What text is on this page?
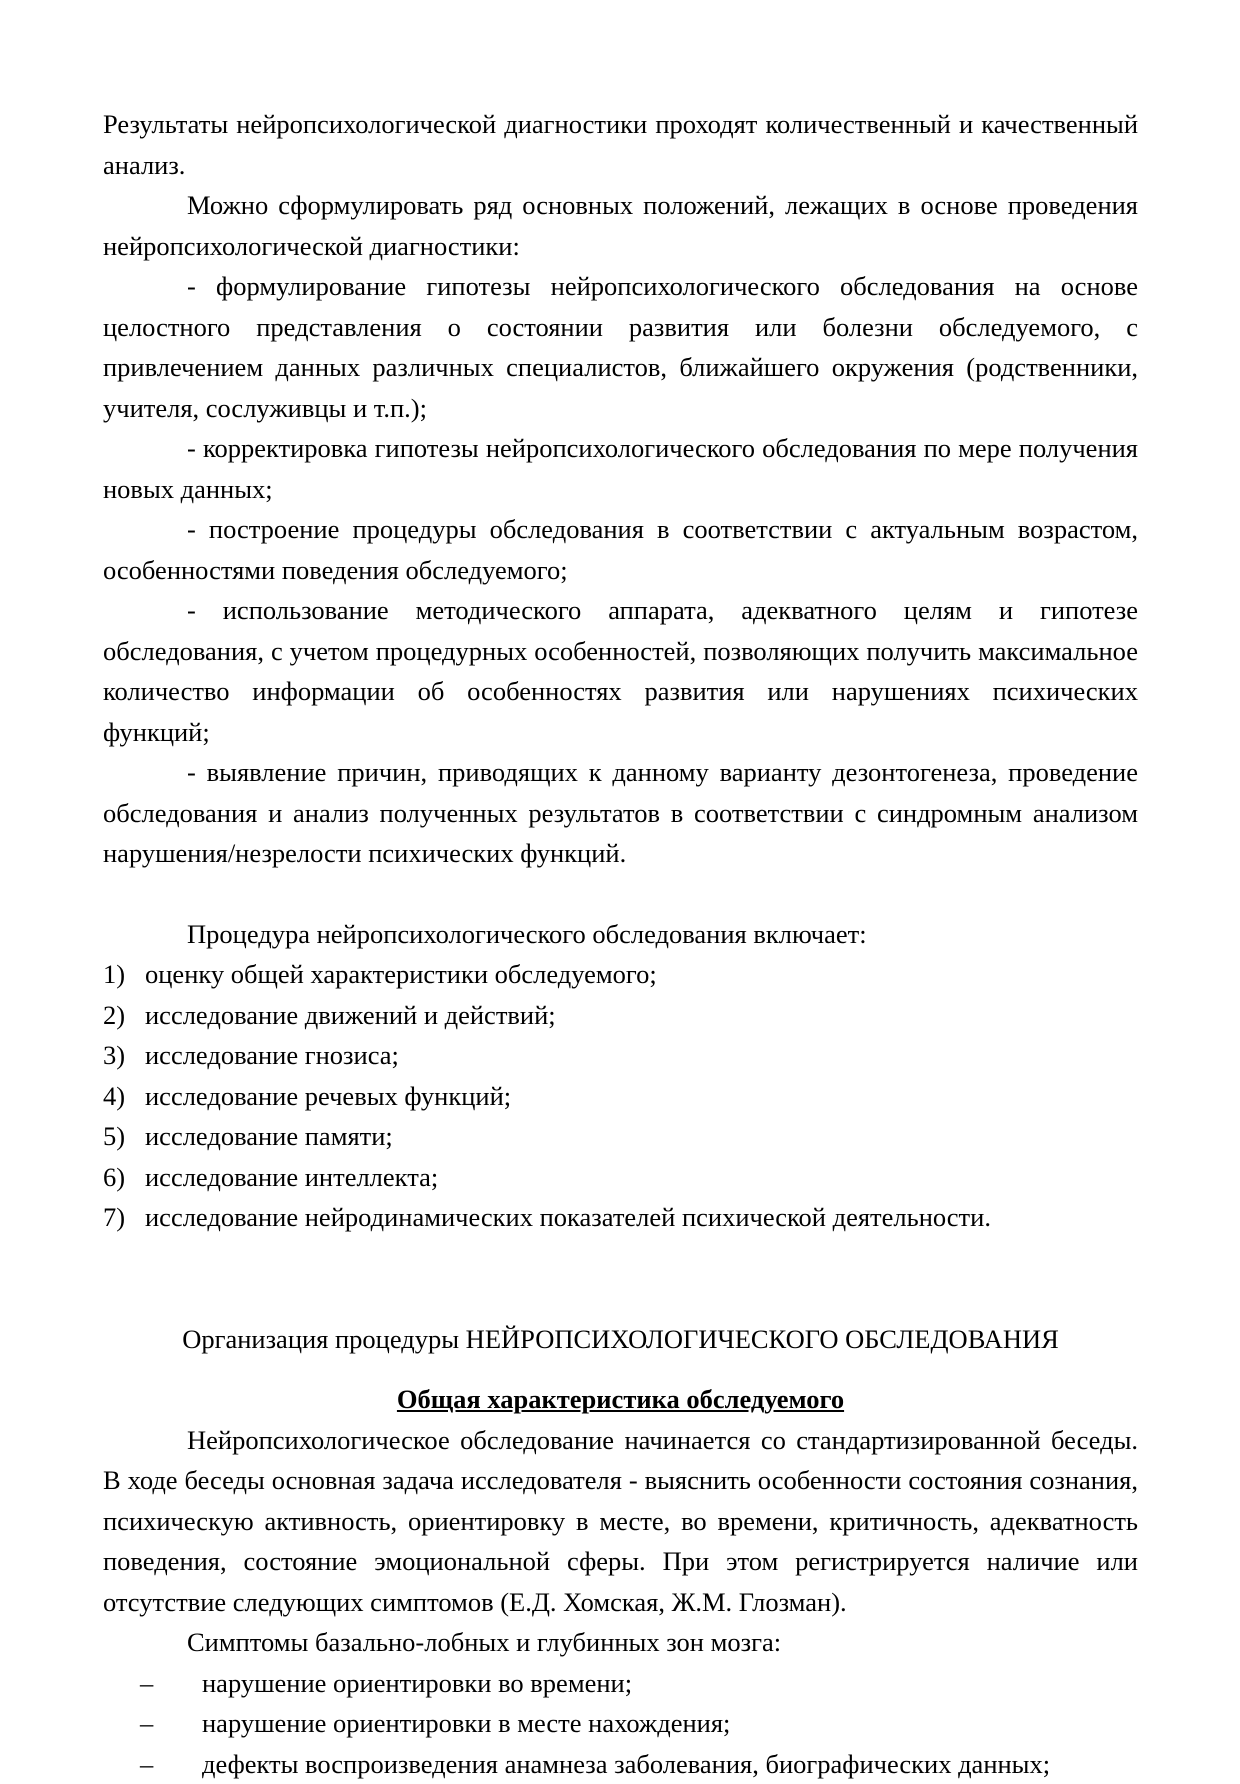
Результаты нейропсихологической диагностики проходят количественный и качественный анализ.

Можно сформулировать ряд основных положений, лежащих в основе проведения нейропсихологической диагностики:

- формулирование гипотезы нейропсихологического обследования на основе целостного представления о состоянии развития или болезни обследуемого, с привлечением данных различных специалистов, ближайшего окружения (родственники, учителя, сослуживцы и т.п.);

- корректировка гипотезы нейропсихологического обследования по мере получения новых данных;

- построение процедуры обследования в соответствии с актуальным возрастом, особенностями поведения обследуемого;

- использование методического аппарата, адекватного целям и гипотезе обследования, с учетом процедурных особенностей, позволяющих получить максимальное количество информации об особенностях развития или нарушениях психических функций;

- выявление причин, приводящих к данному варианту дезонтогенеза, проведение обследования и анализ полученных результатов в соответствии с синдромным анализом нарушения/незрелости психических функций.

Процедура нейропсихологического обследования включает:

1) оценку общей характеристики обследуемого;
2) исследование движений и действий;
3) исследование гнозиса;
4) исследование речевых функций;
5) исследование памяти;
6) исследование интеллекта;
7) исследование нейродинамических показателей психической деятельности.

Организация процедуры НЕЙРОПСИХОЛОГИЧЕСКОГО ОБСЛЕДОВАНИЯ

Общая характеристика обследуемого

Нейропсихологическое обследование начинается со стандартизированной беседы. В ходе беседы основная задача исследователя - выяснить особенности состояния сознания, психическую активность, ориентировку в месте, во времени, критичность, адекватность поведения, состояние эмоциональной сферы. При этом регистрируется наличие или отсутствие следующих симптомов (Е.Д. Хомская, Ж.М. Глозман).

Симптомы базально-лобных и глубинных зон мозга:

– нарушение ориентировки во времени;
– нарушение ориентировки в месте нахождения;
– дефекты воспроизведения анамнеза заболевания, биографических данных;
